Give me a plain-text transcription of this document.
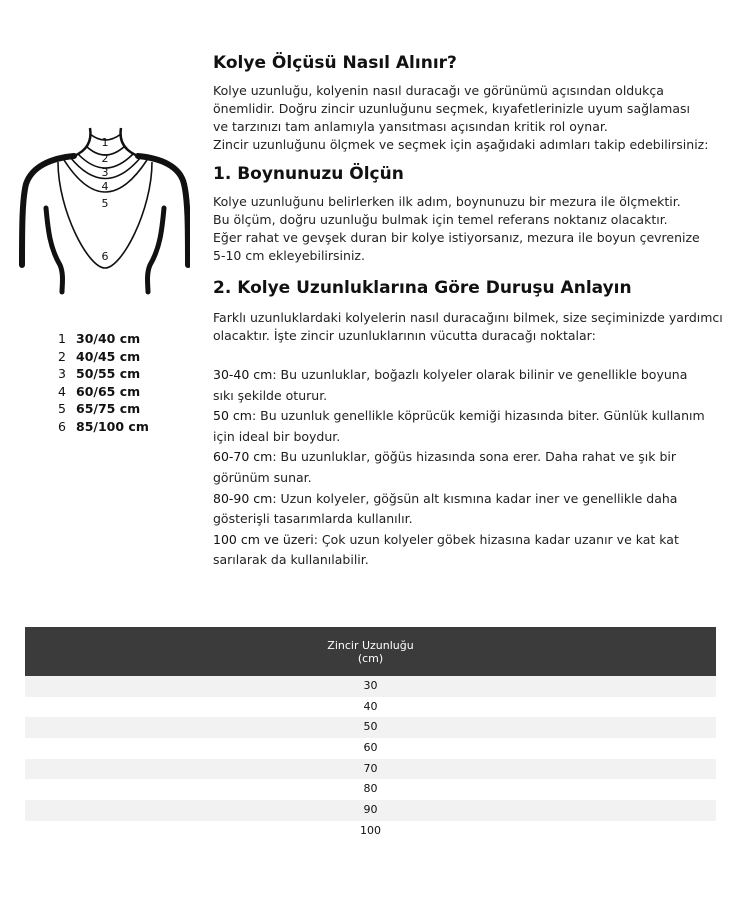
1
2
3
4
5
6
1 30/40 cm
2 40/45 cm
3 50/55 cm
4 60/65 cm
5 65/75 cm
6 85/100 cm
Kolye Ölçüsü Nasıl Alınır?

Kolye uzunluğu, kolyenin nasıl duracağı ve görünümü açısından oldukça

önemlidir. Doğru zincir uzunluğunu seçmek, kıyafetlerinizle uyum sağlaması

ve tarzınızı tam anlamıyla yansıtması açısından kritik rol oynar.

Zincir uzunluğunu ölçmek ve seçmek için aşağıdaki adımları takip edebilirsiniz:

1. Boynunuzu Ölçün

Kolye uzunluğunu belirlerken ilk adım, boynunuzu bir mezura ile ölçmektir.

Bu ölçüm, doğru uzunluğu bulmak için temel referans noktanız olacaktır.

Eğer rahat ve gevşek duran bir kolye istiyorsanız, mezura ile boyun çevrenize

5-10 cm ekleyebilirsiniz.

2. Kolye Uzunluklarına Göre Duruşu Anlayın

Farklı uzunluklardaki kolyelerin nasıl duracağını bilmek, size seçiminizde yardımcı

olacaktır. İşte zincir uzunluklarının vücutta duracağı noktalar:

30-40 cm: Bu uzunluklar, boğazlı kolyeler olarak bilinir ve genellikle boyuna
sıkı şekilde oturur.
50 cm: Bu uzunluk genellikle köprücük kemiği hizasında biter. Günlük kullanım
için ideal bir boydur.
60-70 cm: Bu uzunluklar, göğüs hizasında sona erer. Daha rahat ve şık bir
görünüm sunar.
80-90 cm: Uzun kolyeler, göğsün alt kısmına kadar iner ve genellikle daha
gösterişli tasarımlarda kullanılır.
100 cm ve üzeri: Çok uzun kolyeler göbek hizasına kadar uzanır ve kat kat
sarılarak da kullanılabilir.
Zincir Uzunluğu
(cm)
30
40
50
60
70
80
90
100
